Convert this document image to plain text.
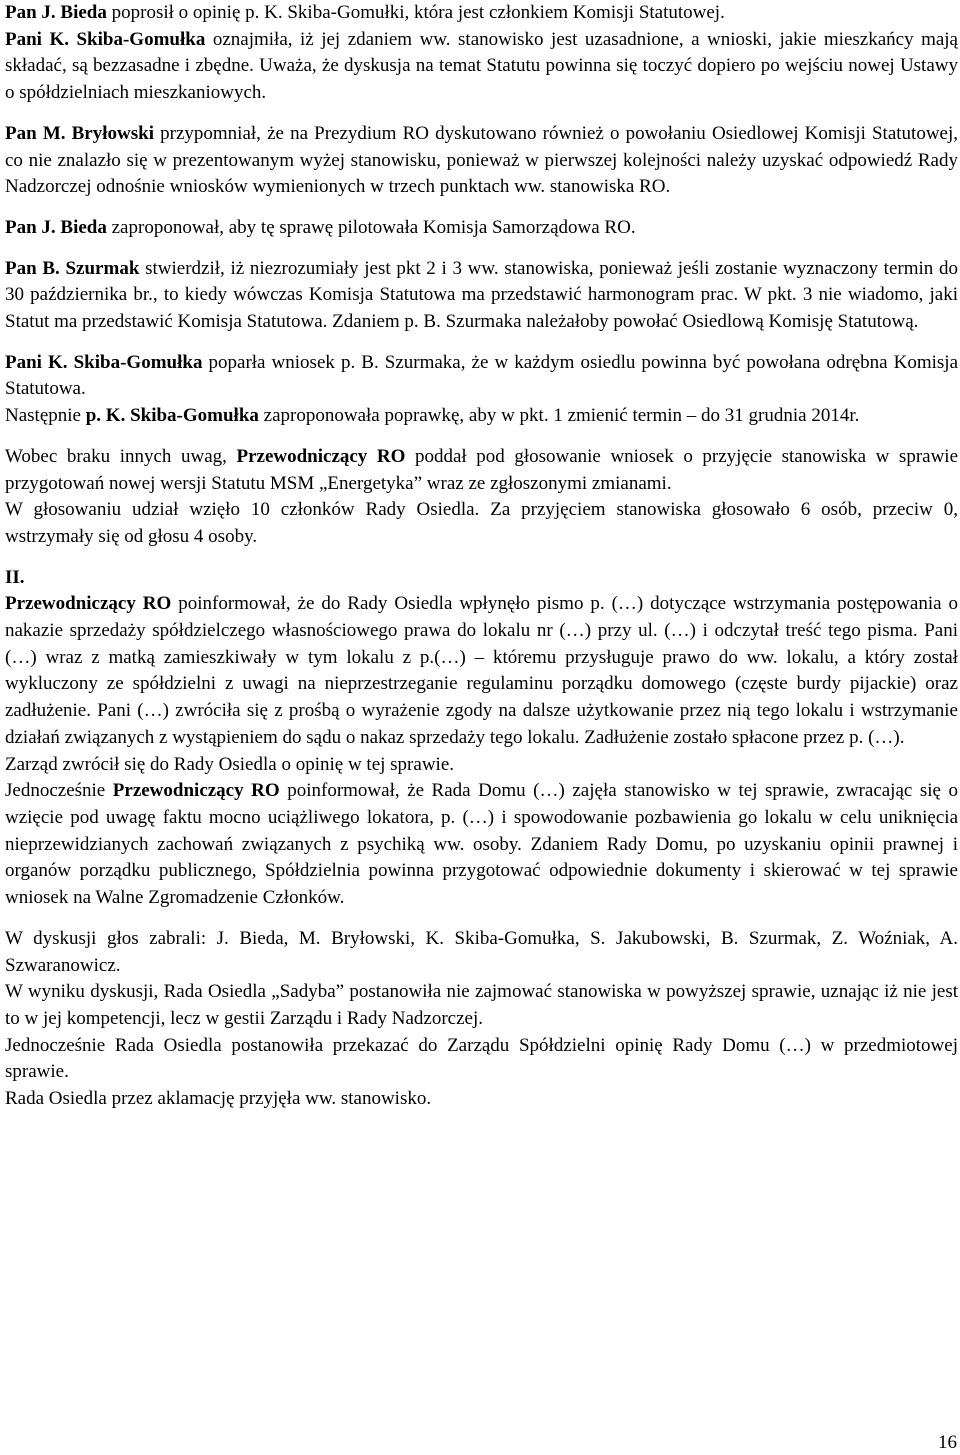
Pan J. Bieda poprosił o opinię p. K. Skiba-Gomułki, która jest członkiem Komisji Statutowej.

Pani K. Skiba-Gomułka oznajmiła, iż jej zdaniem ww. stanowisko jest uzasadnione, a wnioski, jakie mieszkańcy mają składać, są bezzasadne i zbędne. Uważa, że dyskusja na temat Statutu powinna się toczyć dopiero po wejściu nowej Ustawy o spółdzielniach mieszkaniowych.

Pan M. Bryłowski przypomniał, że na Prezydium RO dyskutowano również o powołaniu Osiedlowej Komisji Statutowej, co nie znalazło się w prezentowanym wyżej stanowisku, ponieważ w pierwszej kolejności należy uzyskać odpowiedź Rady Nadzorczej odnośnie wniosków wymienionych w trzech punktach ww. stanowiska RO.

Pan J. Bieda zaproponował, aby tę sprawę pilotowała Komisja Samorządowa RO.

Pan B. Szurmak stwierdził, iż niezrozumiały jest pkt 2 i 3 ww. stanowiska, ponieważ jeśli zostanie wyznaczony termin do 30 października br., to kiedy wówczas Komisja Statutowa ma przedstawić harmonogram prac. W pkt. 3 nie wiadomo, jaki Statut ma przedstawić Komisja Statutowa. Zdaniem p. B. Szurmaka należałoby powołać Osiedlową Komisję Statutową.

Pani K. Skiba-Gomułka poparła wniosek p. B. Szurmaka, że w każdym osiedlu powinna być powołana odrębna Komisja Statutowa.

Następnie p. K. Skiba-Gomułka zaproponowała poprawkę, aby w pkt. 1 zmienić termin – do 31 grudnia 2014r.

Wobec braku innych uwag, Przewodniczący RO poddał pod głosowanie wniosek o przyjęcie stanowiska w sprawie przygotowań nowej wersji Statutu MSM „Energetyka” wraz ze zgłoszonymi zmianami.

W głosowaniu udział wzięło 10 członków Rady Osiedla. Za przyjęciem stanowiska głosowało 6 osób, przeciw 0, wstrzymały się od głosu 4 osoby.

II.

Przewodniczący RO poinformował, że do Rady Osiedla wpłynęło pismo p. (…) dotyczące wstrzymania postępowania o nakazie sprzedaży spółdzielczego własnościowego prawa do lokalu nr (…) przy ul. (…) i odczytał treść tego pisma. Pani (…) wraz z matką zamieszkiwały w tym lokalu z p.(…) – któremu przysługuje prawo do ww. lokalu, a który został wykluczony ze spółdzielni z uwagi na nieprzestrzeganie regulaminu porządku domowego (częste burdy pijackie) oraz zadłużenie. Pani (…) zwróciła się z prośbą o wyrażenie zgody na dalsze użytkowanie przez nią tego lokalu i wstrzymanie działań związanych z wystąpieniem do sądu o nakaz sprzedaży tego lokalu. Zadłużenie zostało spłacone przez p. (…).

Zarząd zwrócił się do Rady Osiedla o opinię w tej sprawie.

Jednocześnie Przewodniczący RO poinformował, że Rada Domu (…) zajęła stanowisko w tej sprawie, zwracając się o wzięcie pod uwagę faktu mocno uciążliwego lokatora, p. (…) i spowodowanie pozbawienia go lokalu w celu uniknięcia nieprzewidzianych zachowań związanych z psychiką ww. osoby. Zdaniem Rady Domu, po uzyskaniu opinii prawnej i organów porządku publicznego, Spółdzielnia powinna przygotować odpowiednie dokumenty i skierować w tej sprawie wniosek na Walne Zgromadzenie Członków.

W dyskusji głos zabrali: J. Bieda, M. Bryłowski, K. Skiba-Gomułka, S. Jakubowski, B. Szurmak, Z. Woźniak, A. Szwaranowicz.

W wyniku dyskusji, Rada Osiedla „Sadyba” postanowiła nie zajmować stanowiska w powyższej sprawie, uznając iż nie jest to w jej kompetencji, lecz w gestii Zarządu i Rady Nadzorczej.

Jednocześnie Rada Osiedla postanowiła przekazać do Zarządu Spółdzielni opinię Rady Domu (…) w przedmiotowej sprawie.

Rada Osiedla przez aklamację przyjęła ww. stanowisko.

16
